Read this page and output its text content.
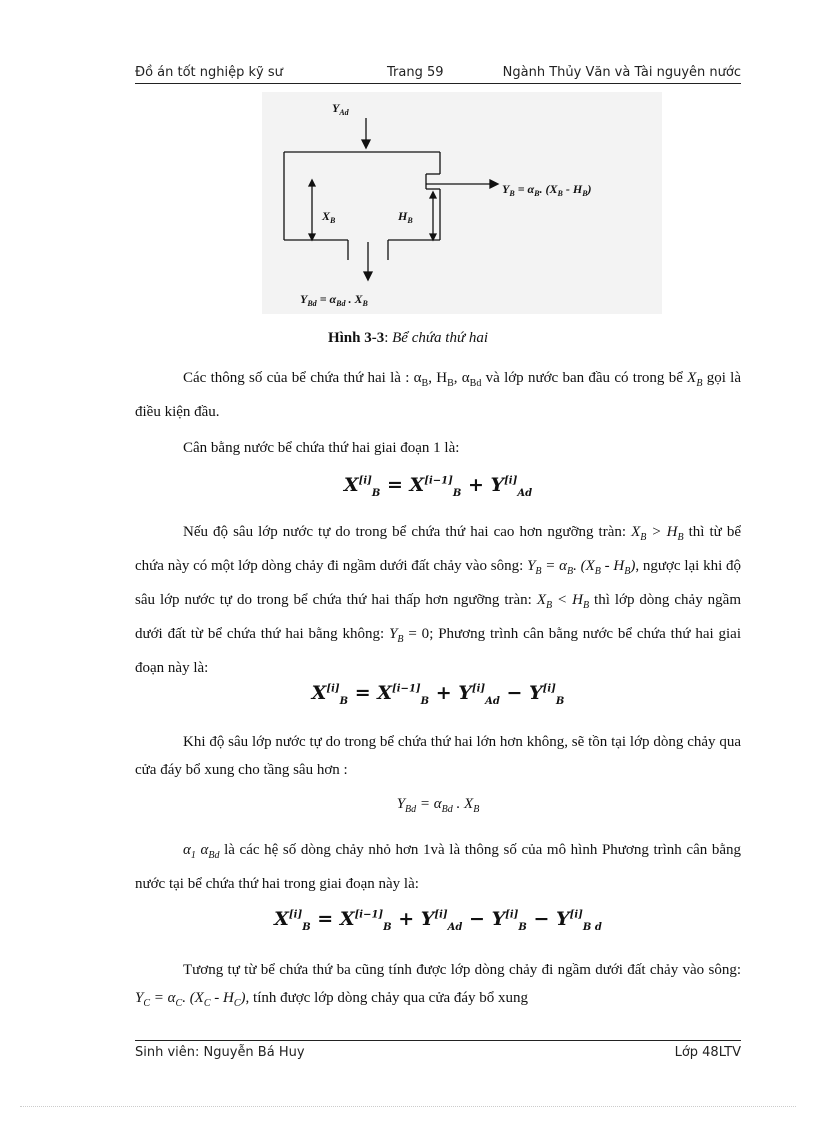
Đồ án tốt nghiệp kỹ sư	Trang 59	Ngành Thủy Văn và Tài nguyên nước
$Y_{Ad}$
$X_B$	$H_B$
$Y_B = \alpha_B$. $(X_B - H_B)$
$Y_{Bd} = \alpha_{Bd}$ . $X_B$
Hình 3-3: Bể chứa thứ hai
Các thông số của bể chứa thứ hai là : $\alpha_B$, $H_B$, $\alpha_{Bd}$ và lớp nước ban đầu có trong bể $X_B$ gọi là điều kiện đầu.
Cân bằng nước bể chứa thứ hai giai đoạn 1 là:
$X[i]_B = X[i-1]_B + Y[i]_{Ad}$
Nếu độ sâu lớp nước tự do trong bể chứa thứ hai cao hơn ngưỡng tràn: $X_B > H_B$ thì từ bể chứa này có một lớp dòng chảy đi ngầm dưới đất chảy vào sông: $Y_B = \alpha_B$. $(X_B - H_B)$, ngược lại khi độ sâu lớp nước tự do trong bể chứa thứ hai thấp hơn ngưỡng tràn: $X_B < H_B$ thì lớp dòng chảy ngầm dưới đất từ bể chứa thứ hai bằng không: $Y_B = 0$; Phương trình cân bằng nước bể chứa thứ hai giai đoạn này là:
$X[i]_B = X[i-1]_B + Y[i]_{Ad} - Y[i]_B$
Khi độ sâu lớp nước tự do trong bể chứa thứ hai lớn hơn không, sẽ tồn tại lớp dòng chảy qua cửa đáy bổ xung cho tầng sâu hơn :
$Y_{Bd} = \alpha_{Bd}$ . $X_B$
$\alpha_1$ $\alpha_{Bd}$ là các hệ số dòng chảy nhỏ hơn 1và là thông số của mô hình Phương trình cân bằng nước tại bể chứa thứ hai trong giai đoạn này là:
$X[i]_B = X[i-1]_B + Y[i]_{Ad} - Y[i]_B - Y[i]_{B d}$
Tương tự từ bể chứa thứ ba cũng tính được lớp dòng chảy đi ngầm dưới đất chảy vào sông: $Y_C = \alpha_C$. $(X_C - H_C)$, tính được lớp dòng chảy qua cửa đáy bổ xung
Sinh viên: Nguyễn Bá Huy	Lớp 48LTV
